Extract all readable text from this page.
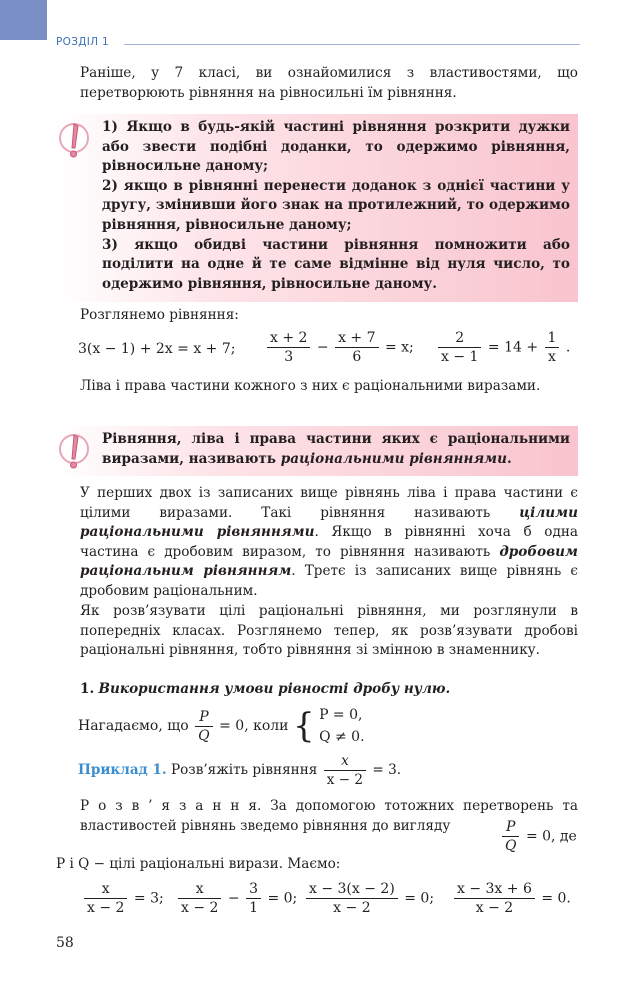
РОЗДІЛ 1
Раніше, у 7 класі, ви ознайомилися з властивостями, що перетворюють рівняння на рівносильні їм рівняння.
1) Якщо в будь-якій частині рівняння розкрити дужки або звести подібні доданки, то одержимо рівняння, рівносильне даному;
2) якщо в рівнянні перенести доданок з однієї частини у другу, змінивши його знак на протилежний, то одержимо рівняння, рівносильне даному;
3) якщо обидві частини рівняння помножити або поділити на одне й те саме відмінне від нуля число, то одержимо рівняння, рівносильне даному.
Розглянемо рівняння:
3(x − 1) + 2x = x + 7; $\frac{x + 2}{3} - \frac{x + 7}{6} = x$; $\frac{2}{x - 1} = 14 + \frac{1}{x}$ .
Ліва і права частини кожного з них є раціональними виразами.
Рівняння, ліва і права частини яких є раціональними виразами, називають раціональними рівняннями.
У перших двох із записаних вище рівнянь ліва і права частини є цілими виразами. Такі рівняння називають цілими раціональними рівняннями. Якщо в рівнянні хоча б одна частина є дробовим виразом, то рівняння називають дробовим раціональним рівнянням. Третє із записаних вище рівнянь є дробовим раціональним.
Як розв’язувати цілі раціональні рівняння, ми розглянули в попередніх класах. Розглянемо тепер, як розв’язувати дробові раціональні рівняння, тобто рівняння зі змінною в знаменнику.
1. Використання умови рівності дробу нулю.
Нагадаємо, що $\frac{P}{Q} = 0$, коли { P = 0,
Q ≠ 0.
Приклад 1. Розв’яжіть рівняння $\frac{x}{x - 2} = 3$.
Р о з в ’ я з а н н я. За допомогою тотожних перетворень та властивостей рівнянь зведемо рівняння до вигляду	$\frac{P}{Q} = 0$, де
P і Q − цілі раціональні вирази. Маємо:
$\frac{x}{x - 2} = 3$; $\frac{x}{x - 2} - \frac{3}{1} = 0$; $\frac{x - 3(x - 2)}{x - 2} = 0$; $\frac{x - 3x + 6}{x - 2} = 0$.
58
